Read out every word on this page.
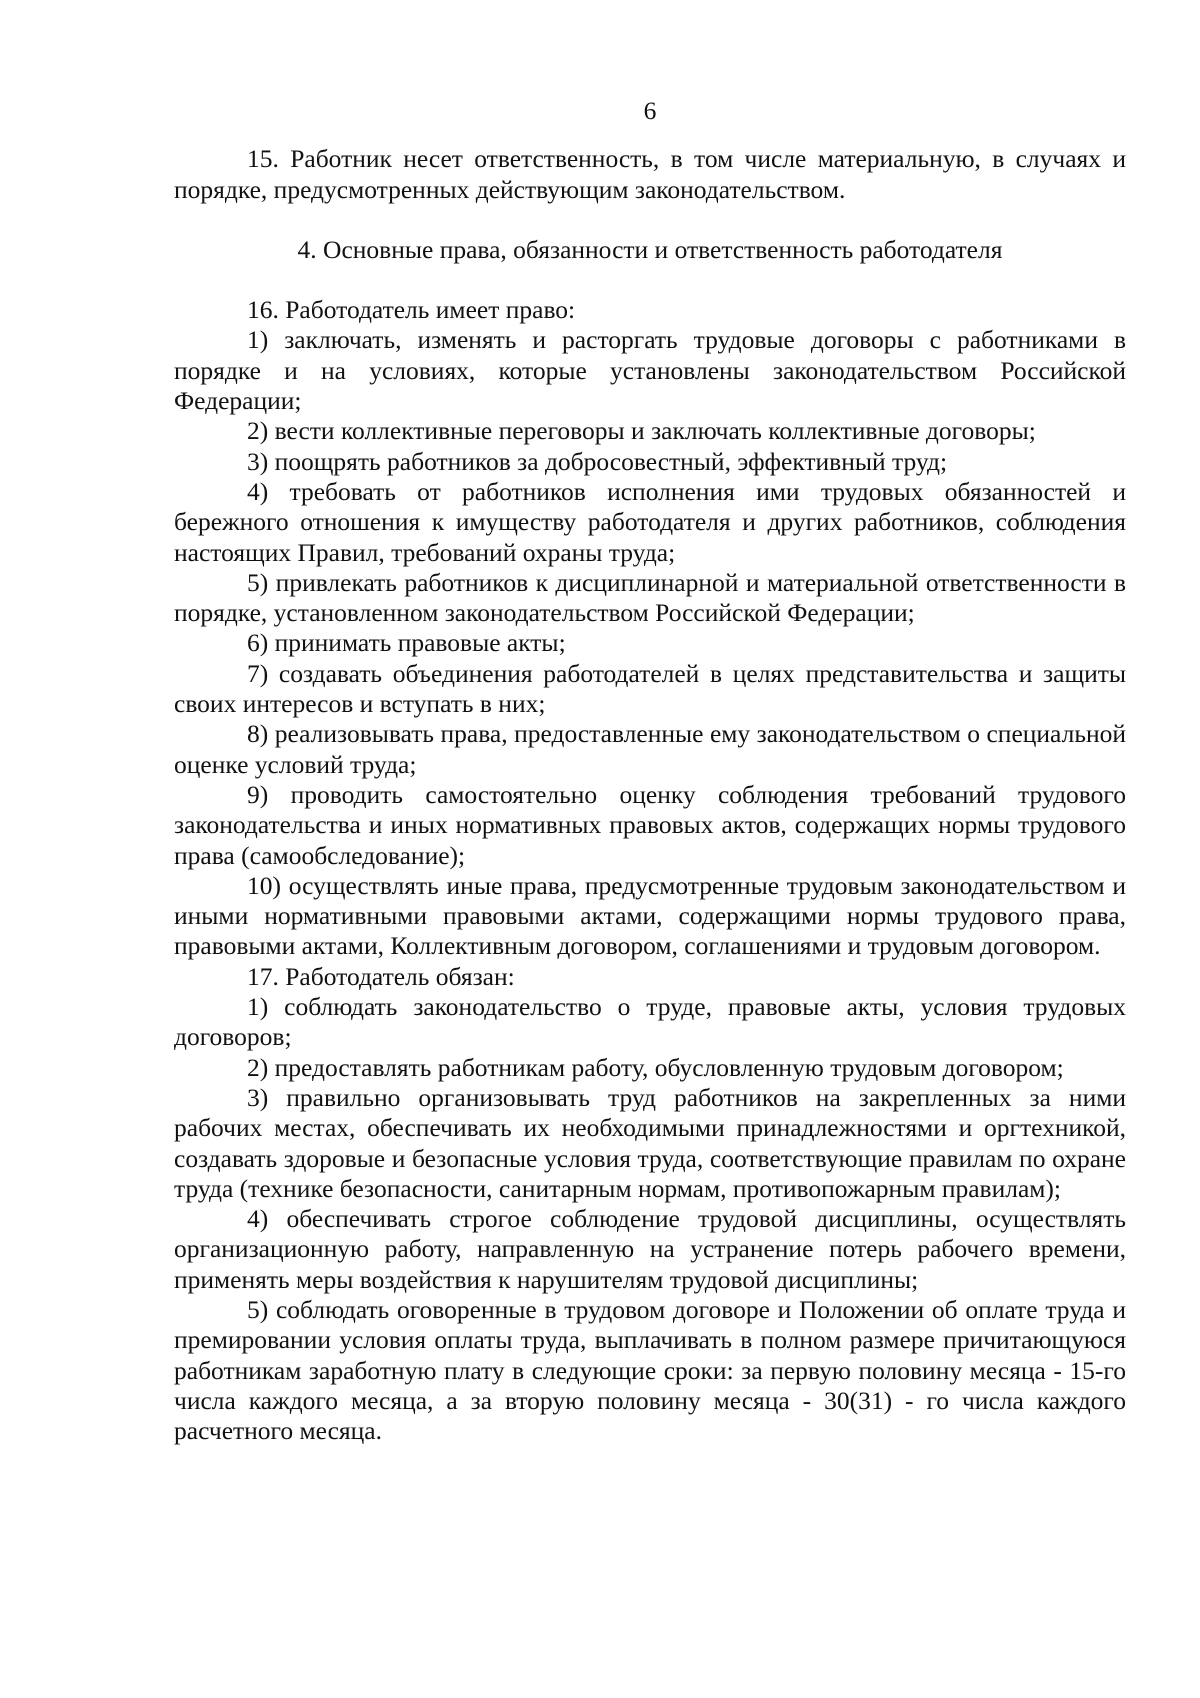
6

15. Работник несет ответственность, в том числе материальную, в случаях и порядке, предусмотренных действующим законодательством.

4. Основные права, обязанности и ответственность работодателя

16. Работодатель имеет право:

1) заключать, изменять и расторгать трудовые договоры с работниками в порядке и на условиях, которые установлены законодательством Российской Федерации;

2) вести коллективные переговоры и заключать коллективные договоры;

3) поощрять работников за добросовестный, эффективный труд;

4) требовать от работников исполнения ими трудовых обязанностей и бережного отношения к имуществу работодателя и других работников, соблюдения настоящих Правил, требований охраны труда;

5) привлекать работников к дисциплинарной и материальной ответственности в порядке, установленном законодательством Российской Федерации;

6) принимать правовые акты;

7) создавать объединения работодателей в целях представительства и защиты своих интересов и вступать в них;

8) реализовывать права, предоставленные ему законодательством о специальной оценке условий труда;

9) проводить самостоятельно оценку соблюдения требований трудового законодательства и иных нормативных правовых актов, содержащих нормы трудового права (самообследование);

10) осуществлять иные права, предусмотренные трудовым законодательством и иными нормативными правовыми актами, содержащими нормы трудового права, правовыми актами, Коллективным договором, соглашениями и трудовым договором.

17. Работодатель обязан:

1) соблюдать законодательство о труде, правовые акты, условия трудовых договоров;

2) предоставлять работникам работу, обусловленную трудовым договором;

3) правильно организовывать труд работников на закрепленных за ними рабочих местах, обеспечивать их необходимыми принадлежностями и оргтехникой, создавать здоровые и безопасные условия труда, соответствующие правилам по охране труда (технике безопасности, санитарным нормам, противопожарным правилам);

4) обеспечивать строгое соблюдение трудовой дисциплины, осуществлять организационную работу, направленную на устранение потерь рабочего времени, применять меры воздействия к нарушителям трудовой дисциплины;

5) соблюдать оговоренные в трудовом договоре и Положении об оплате труда и премировании условия оплаты труда, выплачивать в полном размере причитающуюся работникам заработную плату в следующие сроки: за первую половину месяца - 15-го числа каждого месяца, а за вторую половину месяца - 30(31) - го числа каждого расчетного месяца.
